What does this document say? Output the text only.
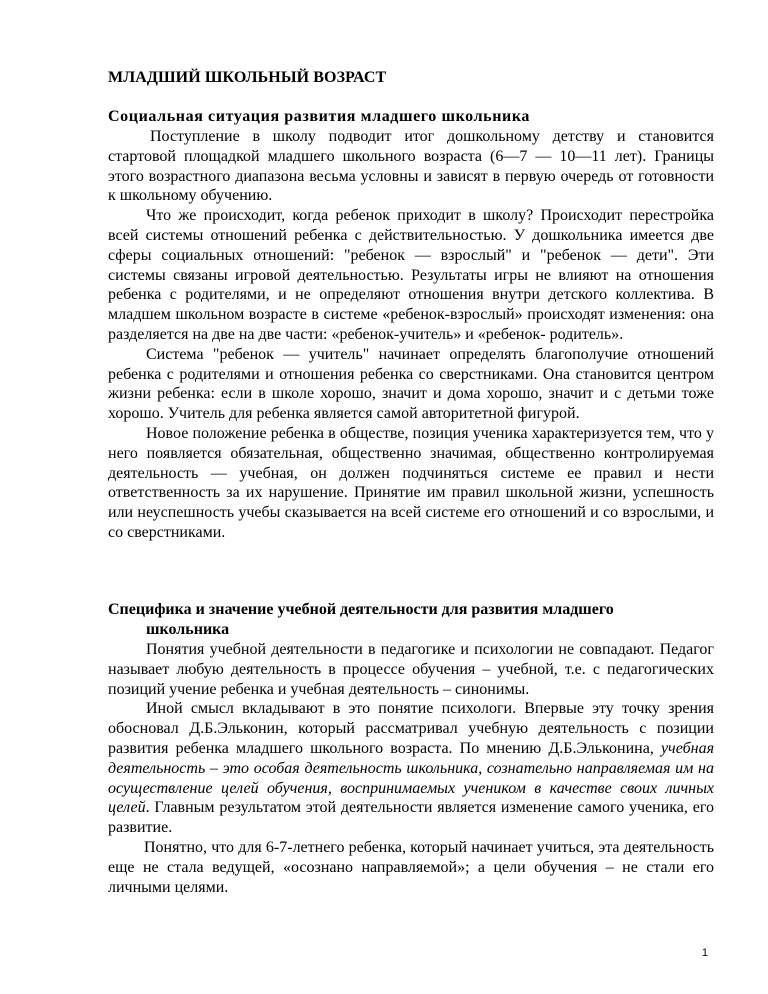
МЛАДШИЙ ШКОЛЬНЫЙ ВОЗРАСТ
Социальная ситуация развития младшего школьника

Поступление в школу подводит итог дошкольному детству и становится стартовой площадкой младшего школьного возраста (6—7 — 10—11 лет). Границы этого возрастного диапазона весьма условны и зависят в первую очередь от готовности к школьному обучению.

Что же происходит, когда ребенок приходит в школу? Происходит перестройка всей системы отношений ребенка с действительностью. У дошкольника имеется две сферы социальных отношений: "ребенок — взрослый" и "ребенок — дети". Эти системы связаны игровой деятельностью. Результаты игры не влияют на отношения ребенка с родителями, и не определяют отношения внутри детского коллектива. В младшем школьном возрасте в системе «ребенок-взрослый» происходят изменения: она разделяется на две на две части: «ребенок-учитель» и «ребенок- родитель».

Система "ребенок — учитель" начинает определять благополучие отношений ребенка с родителями и отношения ребенка со сверстниками. Она становится центром жизни ребенка: если в школе хорошо, значит и дома хорошо, значит и с детьми тоже хорошо. Учитель для ребенка является самой авторитетной фигурой.

Новое положение ребенка в обществе, позиция ученика характеризуется тем, что у него появляется обязательная, общественно значимая, общественно контролируемая деятельность — учебная, он должен подчиняться системе ее правил и нести ответственность за их нарушение. Принятие им правил школьной жизни, успешность или неуспешность учебы сказывается на всей системе его отношений и со взрослыми, и со сверстниками.

Специфика и значение учебной деятельности для развития младшего
школьника

Понятия учебной деятельности в педагогике и психологии не совпадают. Педагог называет любую деятельность в процессе обучения – учебной, т.е. с педагогических позиций учение ребенка и учебная деятельность – синонимы.

Иной смысл вкладывают в это понятие психологи. Впервые эту точку зрения обосновал Д.Б.Эльконин, который рассматривал учебную деятельность с позиции развития ребенка младшего школьного возраста. По мнению Д.Б.Эльконина, учебная деятельность – это особая деятельность школьника, сознательно направляемая им на осуществление целей обучения, воспринимаемых учеником в качестве своих личных целей. Главным результатом этой деятельности является изменение самого ученика, его развитие.

Понятно, что для 6-7-летнего ребенка, который начинает учиться, эта деятельность еще не стала ведущей, «осознано направляемой»; а цели обучения – не стали его личными целями.

1
